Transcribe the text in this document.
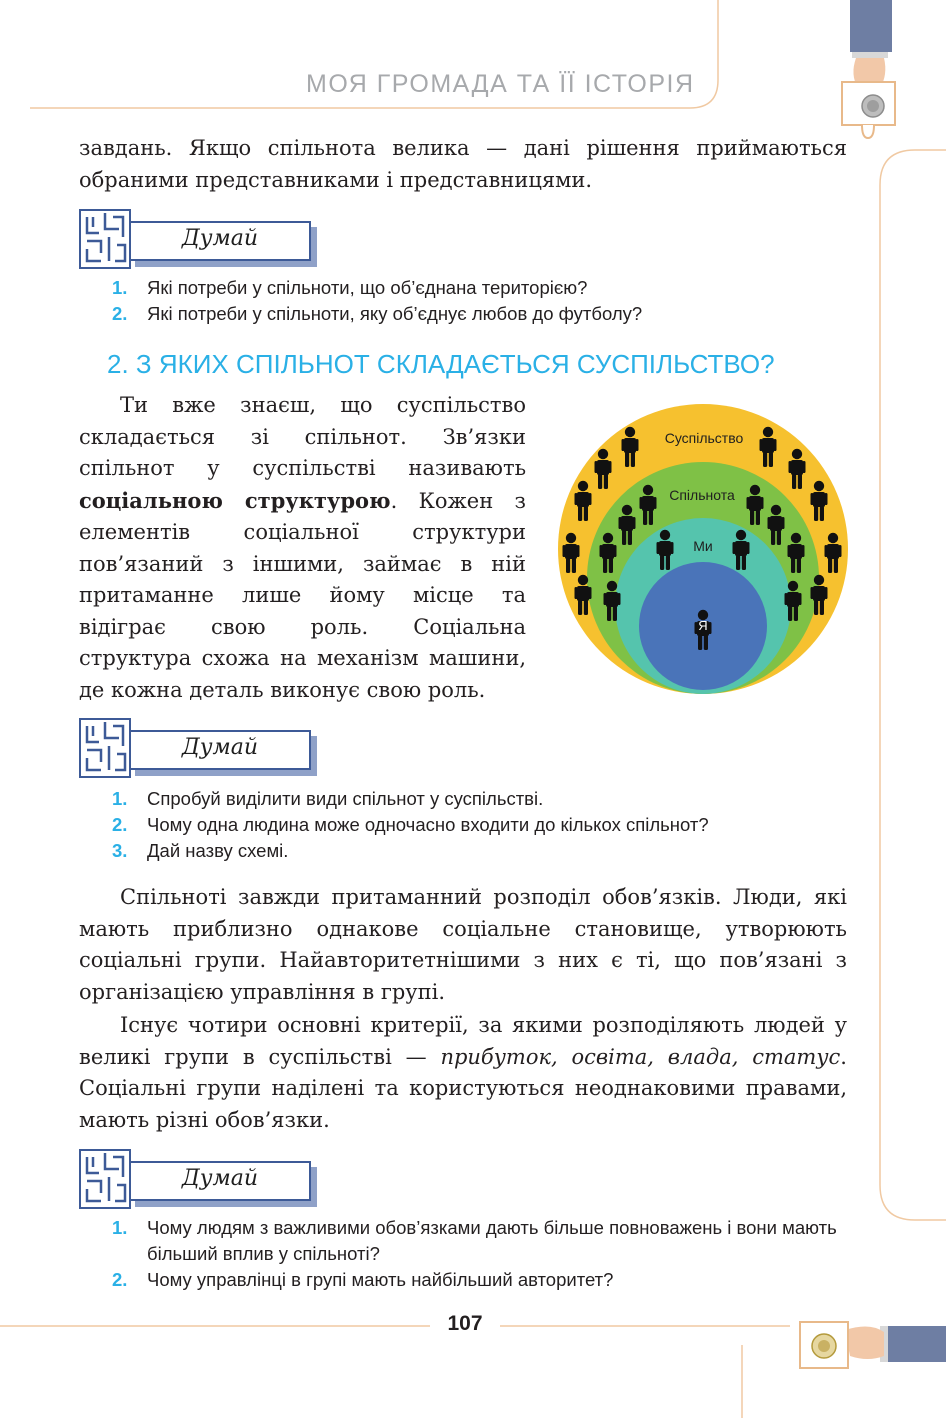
МОЯ ГРОМАДА ТА ЇЇ ІСТОРІЯ
завдань. Якщо спільнота велика — дані рішення приймаються обраними представниками і представницями.
Думай
1. Які потреби у спільноти, що об’єднана територією?
2. Які потреби у спільноти, яку об’єднує любов до футболу?
2. З ЯКИХ СПІЛЬНОТ СКЛАДАЄТЬСЯ СУСПІЛЬСТВО?
Ти вже знаєш, що суспільство складається зі спільнот. Зв’язки спільнот у суспільстві називають соціальною структурою. Кожен з елементів соціальної структури пов’язаний з іншими, займає в ній притаманне лише йому місце та відіграє свою роль. Соціальна структура схожа на механізм машини, де кожна деталь виконує свою роль.
Суспільство
Спільнота
Ми
Я
Думай
1. Спробуй виділити види спільнот у суспільстві.
2. Чому одна людина може одночасно входити до кількох спільнот?
3. Дай назву схемі.
Спільноті завжди притаманний розподіл обов’язків. Люди, які мають приблизно однакове соціальне становище, утворюють соціальні групи. Найавторитетнішими з них є ті, що пов’язані з організацією управління в групі.
Існує чотири основні критерії, за якими розподіляють людей у великі групи в суспільстві — прибуток, освіта, влада, статус. Соціальні групи наділені та користуються неоднаковими правами, мають різні обов’язки.
Думай
1. Чому людям з важливими обов’язками дають більше повноважень і вони мають більший вплив у спільноті?
2. Чому управлінці в групі мають найбільший авторитет?
107
